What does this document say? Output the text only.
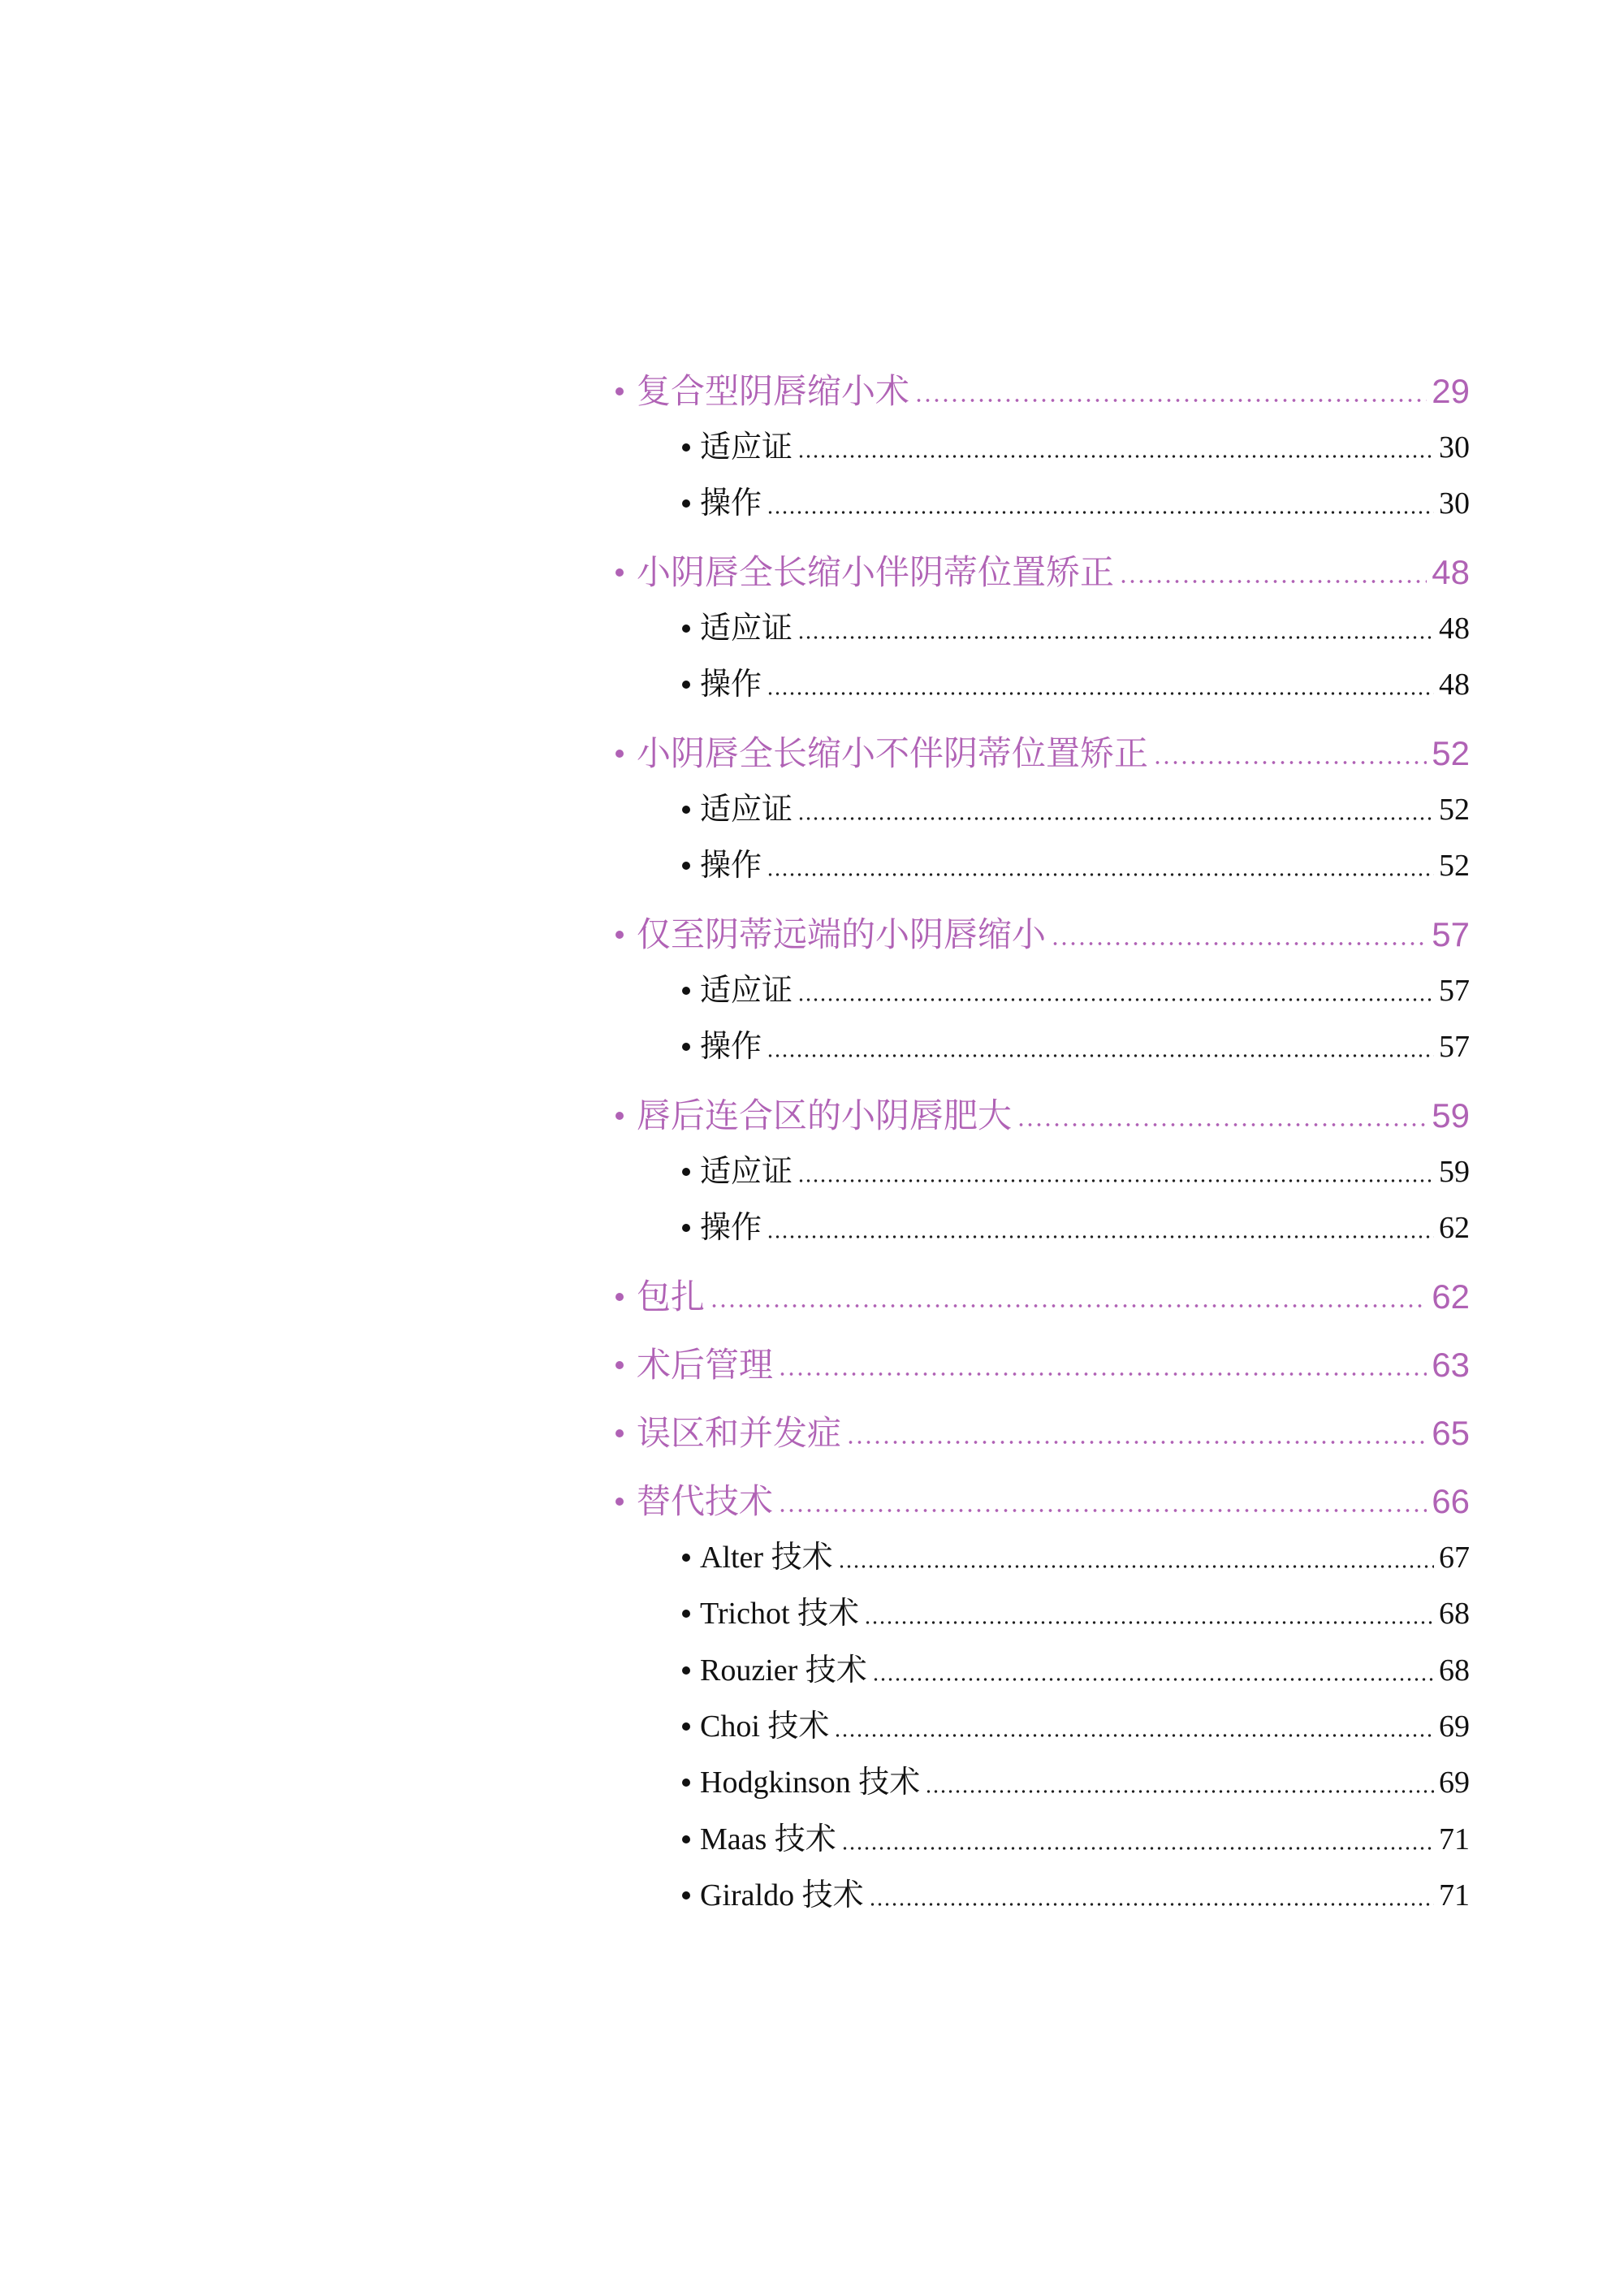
复合型阴唇缩小术	29
适应证	30
操作	30
小阴唇全长缩小伴阴蒂位置矫正	48
适应证	48
操作	48
小阴唇全长缩小不伴阴蒂位置矫正	52
适应证	52
操作	52
仅至阴蒂远端的小阴唇缩小	57
适应证	57
操作	57
唇后连合区的小阴唇肥大	59
适应证	59
操作	62
包扎	62
术后管理	63
误区和并发症	65
替代技术	66
Alter 技术	67
Trichot 技术	68
Rouzier 技术	68
Choi 技术	69
Hodgkinson 技术	69
Maas 技术	71
Giraldo 技术	71
